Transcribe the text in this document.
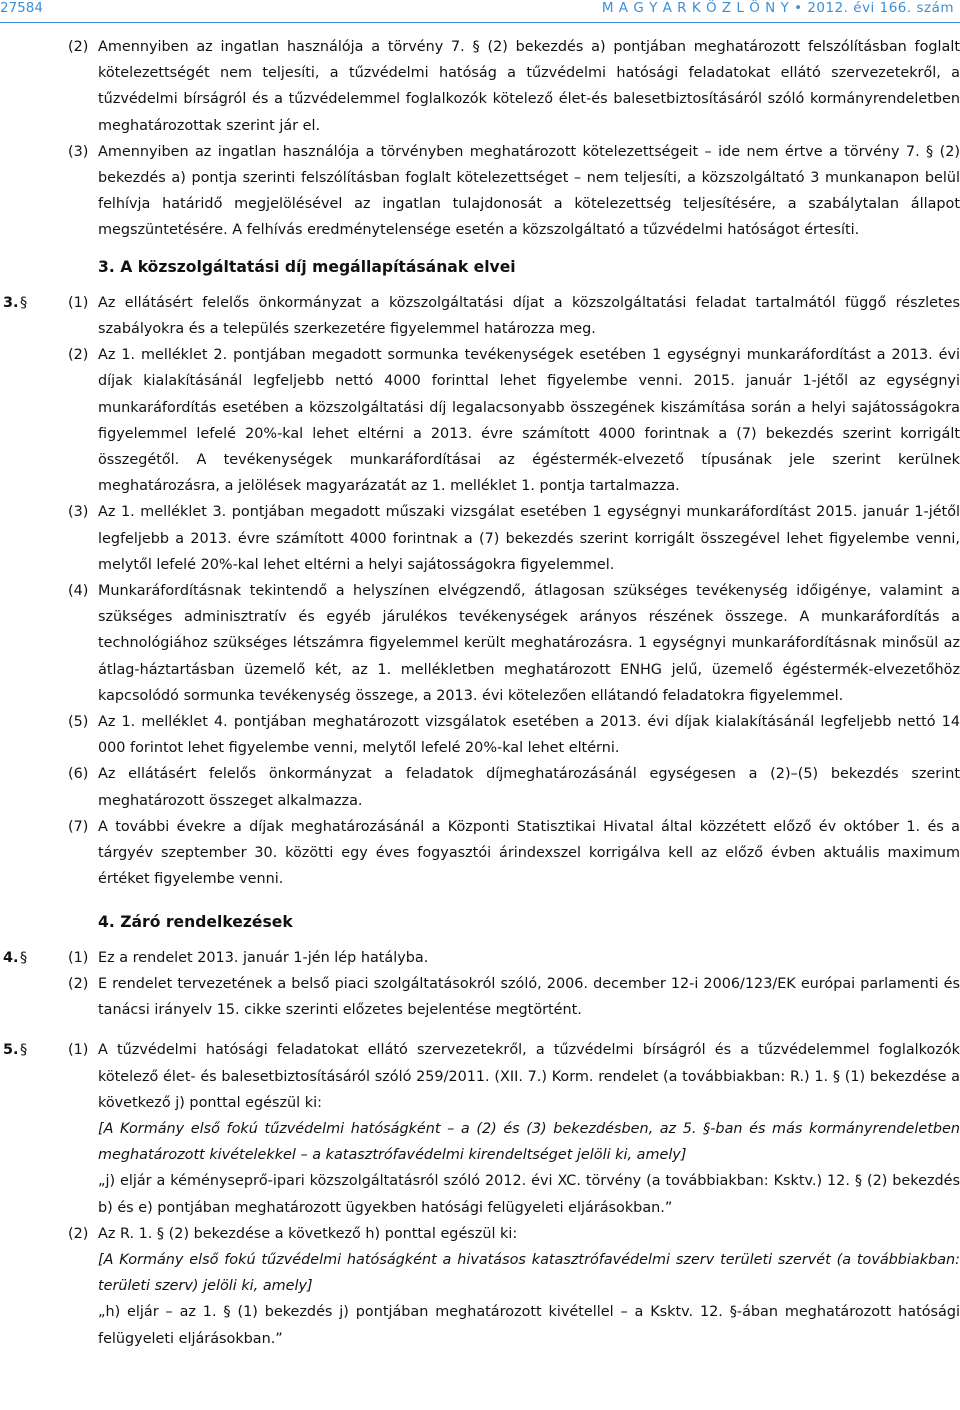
27584	M A G Y A R K Ö Z L Ö N Y • 2012. évi 166. szám
(2) Amennyiben az ingatlan használója a törvény 7. § (2) bekezdés a) pontjában meghatározott felszólításban foglalt kötelezettségét nem teljesíti, a tűzvédelmi hatóság a tűzvédelmi hatósági feladatokat ellátó szervezetekről, a tűzvédelmi bírságról és a tűzvédelemmel foglalkozók kötelező élet-és balesetbiztosításáról szóló kormányrendeletben meghatározottak szerint jár el.
(3) Amennyiben az ingatlan használója a törvényben meghatározott kötelezettségeit – ide nem értve a törvény 7. § (2) bekezdés a) pontja szerinti felszólításban foglalt kötelezettséget – nem teljesíti, a közszolgáltató 3 munkanapon belül felhívja határidő megjelölésével az ingatlan tulajdonosát a kötelezettség teljesítésére, a szabálytalan állapot megszüntetésére. A felhívás eredménytelensége esetén a közszolgáltató a tűzvédelmi hatóságot értesíti.
3. A közszolgáltatási díj megállapításának elvei
3. §	(1) Az ellátásért felelős önkormányzat a közszolgáltatási díjat a közszolgáltatási feladat tartalmától függő részletes szabályokra és a település szerkezetére figyelemmel határozza meg.
(2) Az 1. melléklet 2. pontjában megadott sormunka tevékenységek esetében 1 egységnyi munkaráfordítást a 2013. évi díjak kialakításánál legfeljebb nettó 4000 forinttal lehet figyelembe venni. 2015. január 1-jétől az egységnyi munkaráfordítás esetében a közszolgáltatási díj legalacsonyabb összegének kiszámítása során a helyi sajátosságokra figyelemmel lefelé 20%-kal lehet eltérni a 2013. évre számított 4000 forintnak a (7) bekezdés szerint korrigált összegétől. A tevékenységek munkaráfordításai az égéstermék-elvezető típusának jele szerint kerülnek meghatározásra, a jelölések magyarázatát az 1. melléklet 1. pontja tartalmazza.
(3) Az 1. melléklet 3. pontjában megadott műszaki vizsgálat esetében 1 egységnyi munkaráfordítást 2015. január 1-jétől legfeljebb a 2013. évre számított 4000 forintnak a (7) bekezdés szerint korrigált összegével lehet figyelembe venni, melytől lefelé 20%-kal lehet eltérni a helyi sajátosságokra figyelemmel.
(4) Munkaráfordításnak tekintendő a helyszínen elvégzendő, átlagosan szükséges tevékenység időigénye, valamint a szükséges adminisztratív és egyéb járulékos tevékenységek arányos részének összege. A munkaráfordítás a technológiához szükséges létszámra figyelemmel került meghatározásra. 1 egységnyi munkaráfordításnak minősül az átlag-háztartásban üzemelő két, az 1. mellékletben meghatározott ENHG jelű, üzemelő égéstermék-elvezetőhöz kapcsolódó sormunka tevékenység összege, a 2013. évi kötelezően ellátandó feladatokra figyelemmel.
(5) Az 1. melléklet 4. pontjában meghatározott vizsgálatok esetében a 2013. évi díjak kialakításánál legfeljebb nettó 14 000 forintot lehet figyelembe venni, melytől lefelé 20%-kal lehet eltérni.
(6) Az ellátásért felelős önkormányzat a feladatok díjmeghatározásánál egységesen a (2)–(5) bekezdés szerint meghatározott összeget alkalmazza.
(7) A további évekre a díjak meghatározásánál a Központi Statisztikai Hivatal által közzétett előző év október 1. és a tárgyév szeptember 30. közötti egy éves fogyasztói árindexszel korrigálva kell az előző évben aktuális maximum értéket figyelembe venni.
4. Záró rendelkezések
4. §	(1) Ez a rendelet 2013. január 1-jén lép hatályba.
(2) E rendelet tervezetének a belső piaci szolgáltatásokról szóló, 2006. december 12-i 2006/123/EK európai parlamenti és tanácsi irányelv 15. cikke szerinti előzetes bejelentése megtörtént.
5. §	(1) A tűzvédelmi hatósági feladatokat ellátó szervezetekről, a tűzvédelmi bírságról és a tűzvédelemmel foglalkozók kötelező élet- és balesetbiztosításáról szóló 259/2011. (XII. 7.) Korm. rendelet (a továbbiakban: R.) 1. § (1) bekezdése a következő j) ponttal egészül ki:
[A Kormány első fokú tűzvédelmi hatóságként – a (2) és (3) bekezdésben, az 5. §-ban és más kormányrendeletben meghatározott kivételekkel – a katasztrófavédelmi kirendeltséget jelöli ki, amely]
„j) eljár a kéményseprő-ipari közszolgáltatásról szóló 2012. évi XC. törvény (a továbbiakban: Ksktv.) 12. § (2) bekezdés b) és e) pontjában meghatározott ügyekben hatósági felügyeleti eljárásokban.”
(2) Az R. 1. § (2) bekezdése a következő h) ponttal egészül ki:
[A Kormány első fokú tűzvédelmi hatóságként a hivatásos katasztrófavédelmi szerv területi szervét (a továbbiakban: területi szerv) jelöli ki, amely]
„h) eljár – az 1. § (1) bekezdés j) pontjában meghatározott kivétellel – a Ksktv. 12. §-ában meghatározott hatósági felügyeleti eljárásokban.”
